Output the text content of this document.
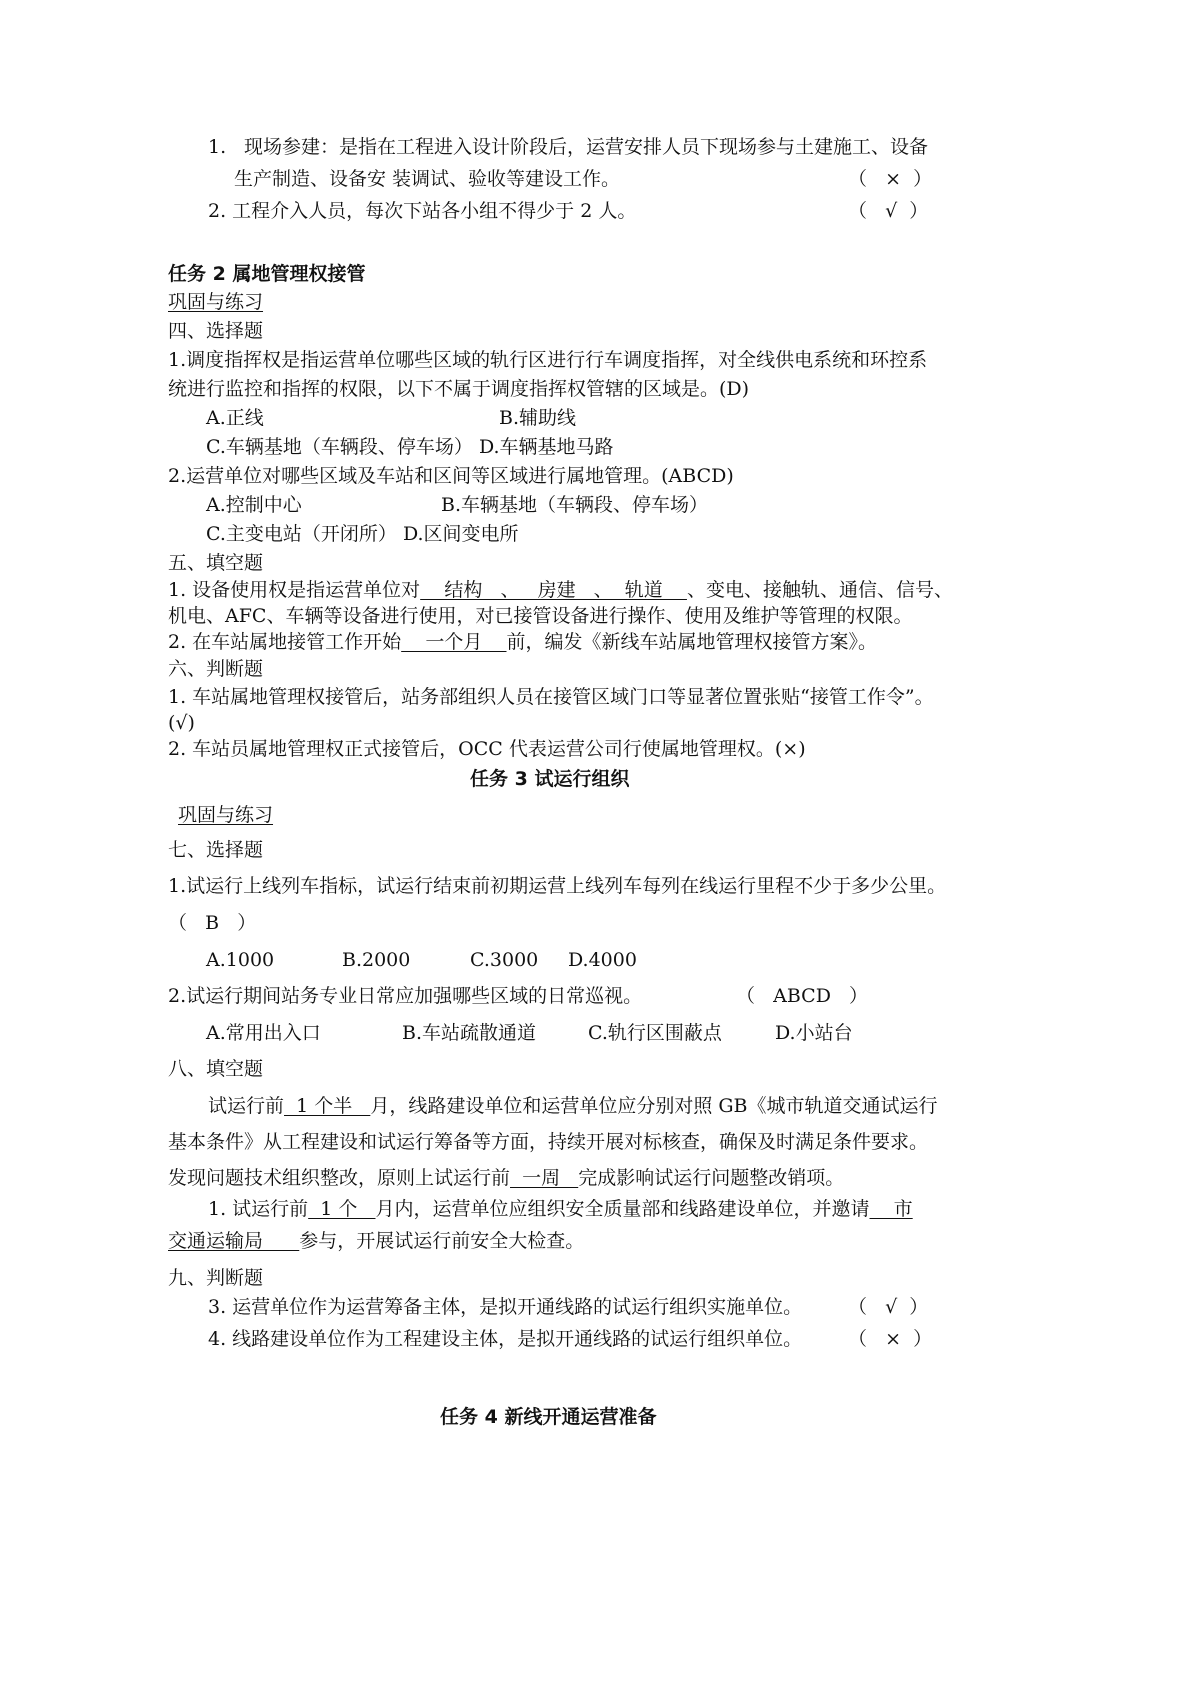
1. 现场参建：是指在工程进入设计阶段后，运营安排人员下现场参与土建施工、设备
生产制造、设备安 装调试、验收等建设工作。	（   ×  ）
2. 工程介入人员，每次下站各小组不得少于 2 人。	（   √  ）
任务 2 属地管理权接管
巩固与练习
四、选择题
1.调度指挥权是指运营单位哪些区域的轨行区进行行车调度指挥，对全线供电系统和环控系
统进行监控和指挥的权限，以下不属于调度指挥权管辖的区域是。(D)
A.正线	B.辅助线
C.车辆基地（车辆段、停车场） D.车辆基地马路
2.运营单位对哪些区域及车站和区间等区域进行属地管理。(ABCD)
A.控制中心	B.车辆基地（车辆段、停车场）
C.主变电站（开闭所） D.区间变电所
五、填空题
1. 设备使用权是指运营单位对    结构   、   房建   、  轨道    、变电、接触轨、通信、信号、
机电、AFC、车辆等设备进行使用，对已接管设备进行操作、使用及维护等管理的权限。
2. 在车站属地接管工作开始    一个月    前，编发《新线车站属地管理权接管方案》。
六、判断题
1. 车站属地管理权接管后，站务部组织人员在接管区域门口等显著位置张贴“接管工作令”。
(√)
2. 车站员属地管理权正式接管后，OCC 代表运营公司行使属地管理权。(×)
任务 3 试运行组织
巩固与练习
七、选择题
1.试运行上线列车指标，试运行结束前初期运营上线列车每列在线运行里程不少于多少公里。
（   B   ）
A.1000	B.2000	C.3000 D.4000
2.试运行期间站务专业日常应加强哪些区域的日常巡视。	（   ABCD   ）
A.常用出入口	B.车站疏散通道	C.轨行区围蔽点	D.小站台
八、填空题
试运行前  1 个半   月，线路建设单位和运营单位应分别对照 GB《城市轨道交通试运行
基本条件》从工程建设和试运行筹备等方面，持续开展对标核查，确保及时满足条件要求。
发现问题技术组织整改，原则上试运行前  一周   完成影响试运行问题整改销项。
1. 试运行前  1 个   月内，运营单位应组织安全质量部和线路建设单位，并邀请    市
交通运输局      参与，开展试运行前安全大检查。
九、判断题
3. 运营单位作为运营筹备主体，是拟开通线路的试运行组织实施单位。 （   √  ）
4. 线路建设单位作为工程建设主体，是拟开通线路的试运行组织单位。 （   ×  ）
任务 4 新线开通运营准备
